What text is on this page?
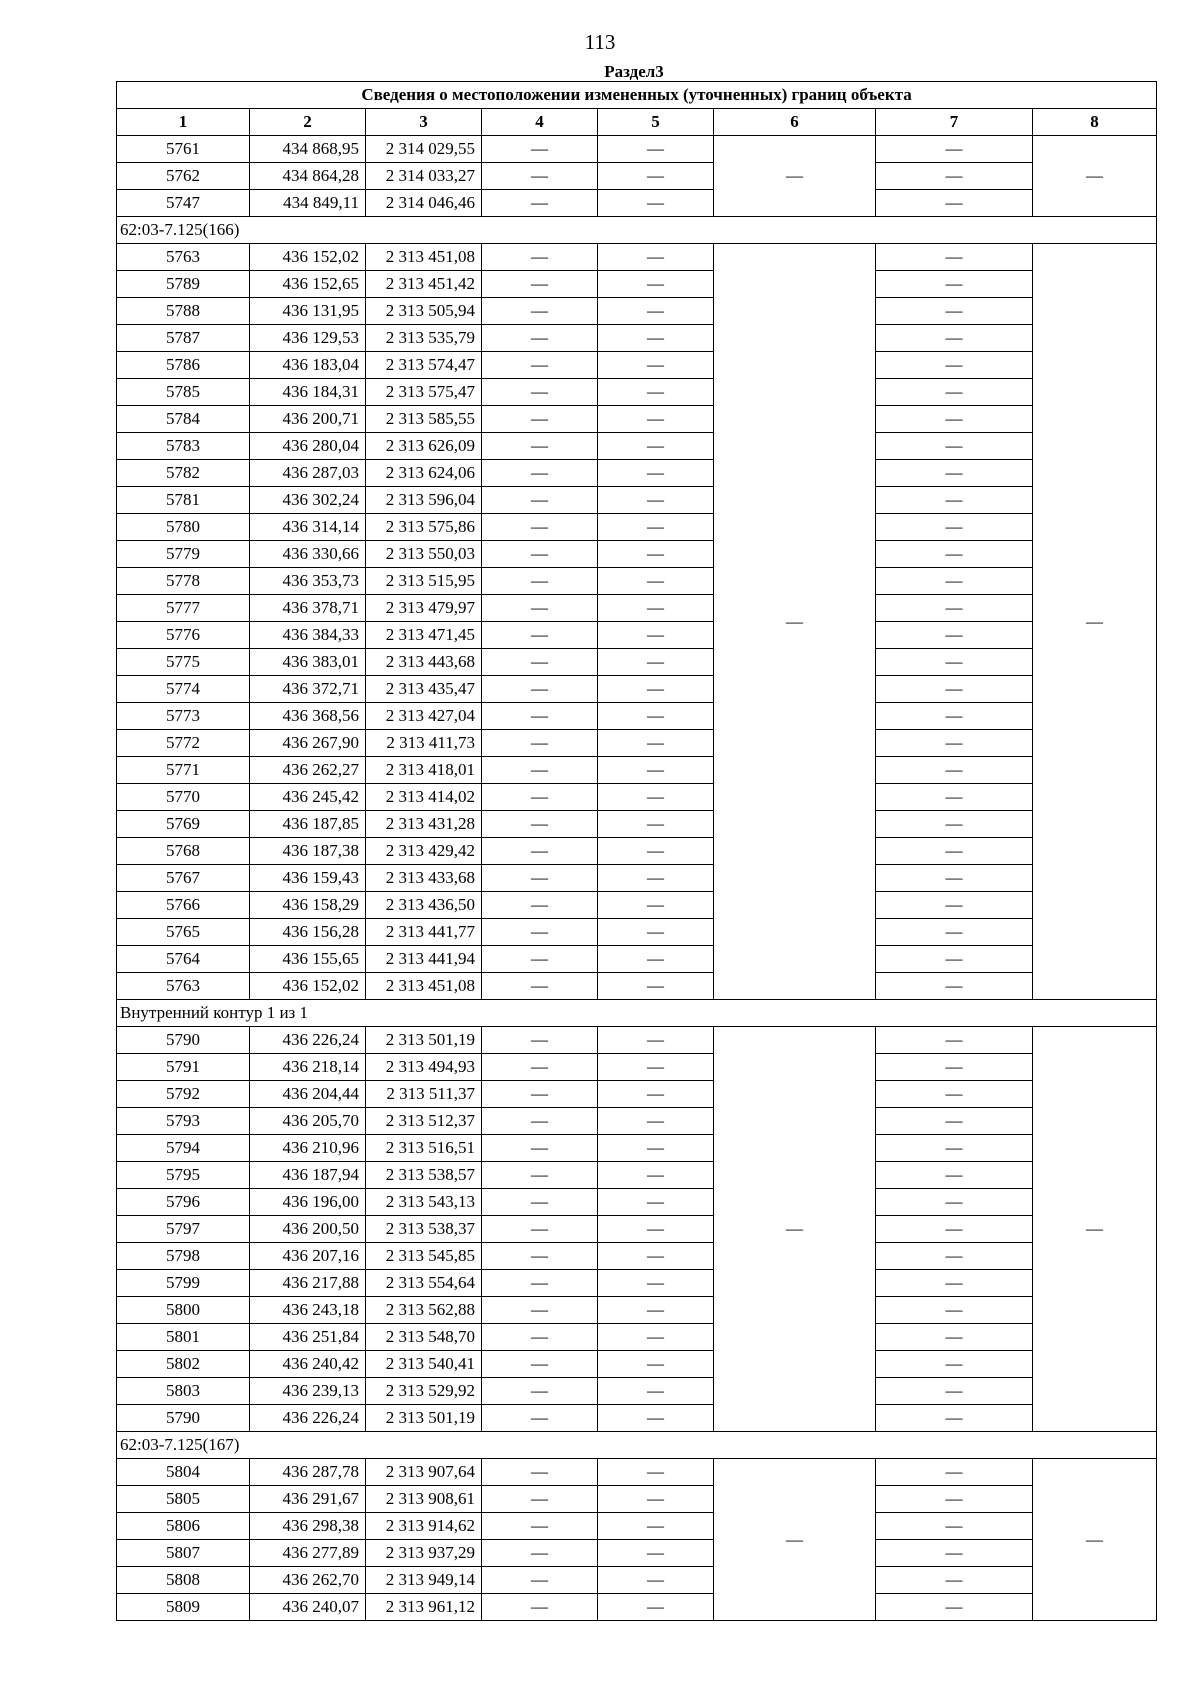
113
Раздел3
Сведения о местоположении измененных (уточненных) границ объекта							
1	2	3	4	5	6	7	8
5761	434 868,95	2 314 029,55	—	—	—	—	—
5762	434 864,28	2 314 033,27	—	—		—	
5747	434 849,11	2 314 046,46	—	—		—	
62:03-7.125(166)							
5763	436 152,02	2 313 451,08	—	—	—	—	—
5789	436 152,65	2 313 451,42	—	—		—	
5788	436 131,95	2 313 505,94	—	—		—	
5787	436 129,53	2 313 535,79	—	—		—	
5786	436 183,04	2 313 574,47	—	—		—	
5785	436 184,31	2 313 575,47	—	—		—	
5784	436 200,71	2 313 585,55	—	—		—	
5783	436 280,04	2 313 626,09	—	—		—	
5782	436 287,03	2 313 624,06	—	—		—	
5781	436 302,24	2 313 596,04	—	—		—	
5780	436 314,14	2 313 575,86	—	—		—	
5779	436 330,66	2 313 550,03	—	—		—	
5778	436 353,73	2 313 515,95	—	—		—	
5777	436 378,71	2 313 479,97	—	—		—	
5776	436 384,33	2 313 471,45	—	—		—	
5775	436 383,01	2 313 443,68	—	—		—	
5774	436 372,71	2 313 435,47	—	—		—	
5773	436 368,56	2 313 427,04	—	—		—	
5772	436 267,90	2 313 411,73	—	—		—	
5771	436 262,27	2 313 418,01	—	—		—	
5770	436 245,42	2 313 414,02	—	—		—	
5769	436 187,85	2 313 431,28	—	—		—	
5768	436 187,38	2 313 429,42	—	—		—	
5767	436 159,43	2 313 433,68	—	—		—	
5766	436 158,29	2 313 436,50	—	—		—	
5765	436 156,28	2 313 441,77	—	—		—	
5764	436 155,65	2 313 441,94	—	—		—	
5763	436 152,02	2 313 451,08	—	—		—	
Внутренний контур 1 из 1							
5790	436 226,24	2 313 501,19	—	—	—	—	—
5791	436 218,14	2 313 494,93	—	—		—	
5792	436 204,44	2 313 511,37	—	—		—	
5793	436 205,70	2 313 512,37	—	—		—	
5794	436 210,96	2 313 516,51	—	—		—	
5795	436 187,94	2 313 538,57	—	—		—	
5796	436 196,00	2 313 543,13	—	—		—	
5797	436 200,50	2 313 538,37	—	—		—	
5798	436 207,16	2 313 545,85	—	—		—	
5799	436 217,88	2 313 554,64	—	—		—	
5800	436 243,18	2 313 562,88	—	—		—	
5801	436 251,84	2 313 548,70	—	—		—	
5802	436 240,42	2 313 540,41	—	—		—	
5803	436 239,13	2 313 529,92	—	—		—	
5790	436 226,24	2 313 501,19	—	—		—	
62:03-7.125(167)							
5804	436 287,78	2 313 907,64	—	—	—	—	—
5805	436 291,67	2 313 908,61	—	—		—	
5806	436 298,38	2 313 914,62	—	—		—	
5807	436 277,89	2 313 937,29	—	—		—	
5808	436 262,70	2 313 949,14	—	—		—	
5809	436 240,07	2 313 961,12	—	—		—	
